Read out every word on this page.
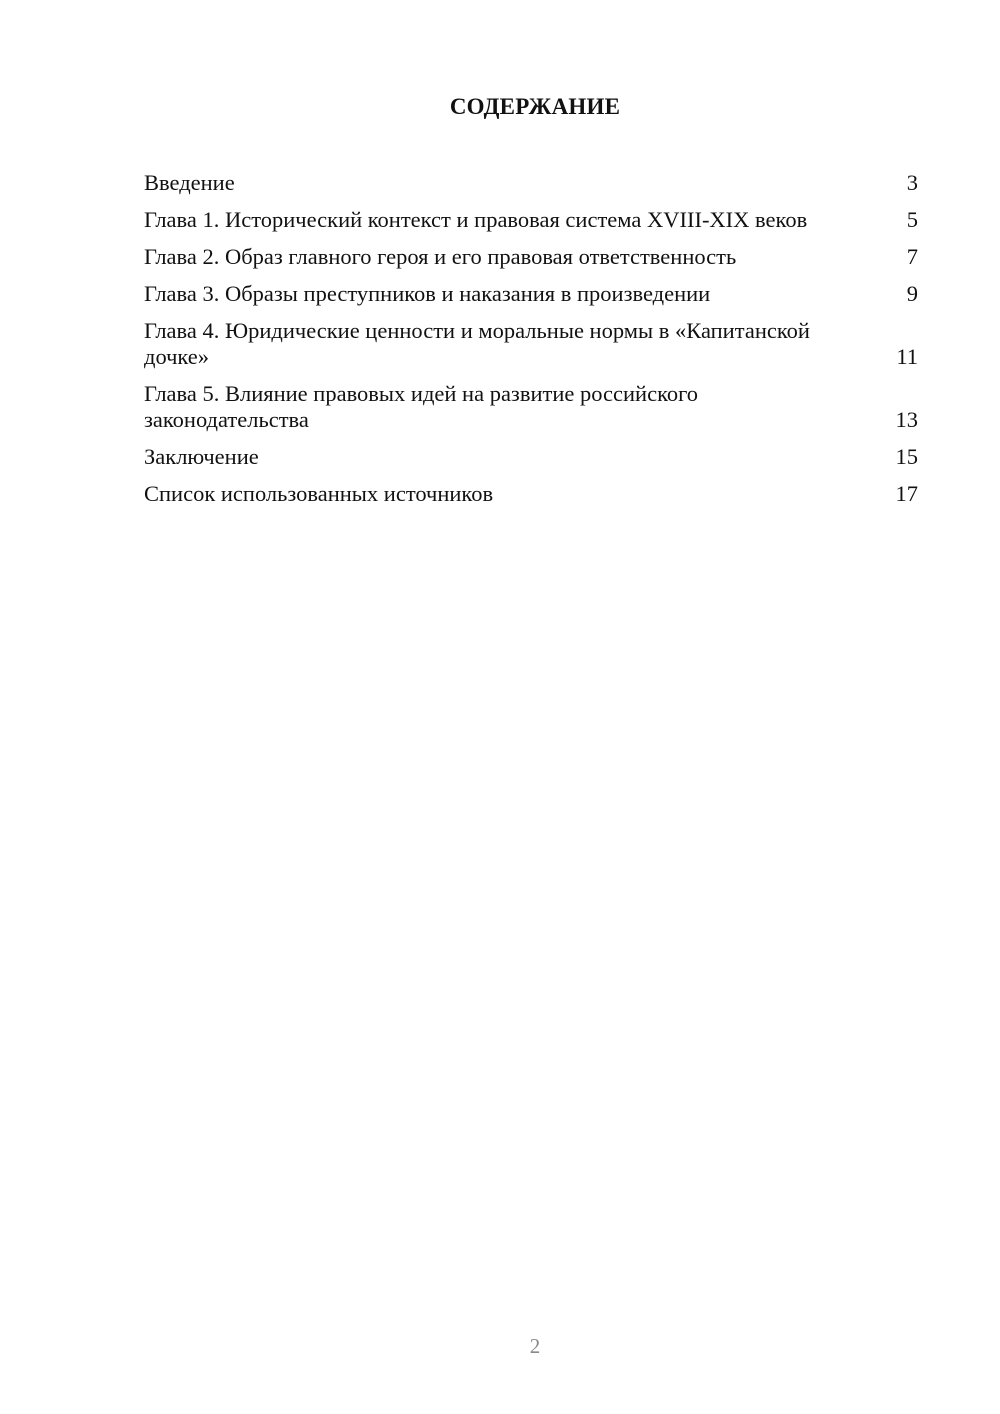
СОДЕРЖАНИЕ
Введение	3
Глава 1. Исторический контекст и правовая система XVIII-XIX веков	5
Глава 2. Образ главного героя и его правовая ответственность	7
Глава 3. Образы преступников и наказания в произведении	9
Глава 4. Юридические ценности и моральные нормы в «Капитанской дочке»	11
Глава 5. Влияние правовых идей на развитие российского законодательства	13
Заключение	15
Список использованных источников	17
2
